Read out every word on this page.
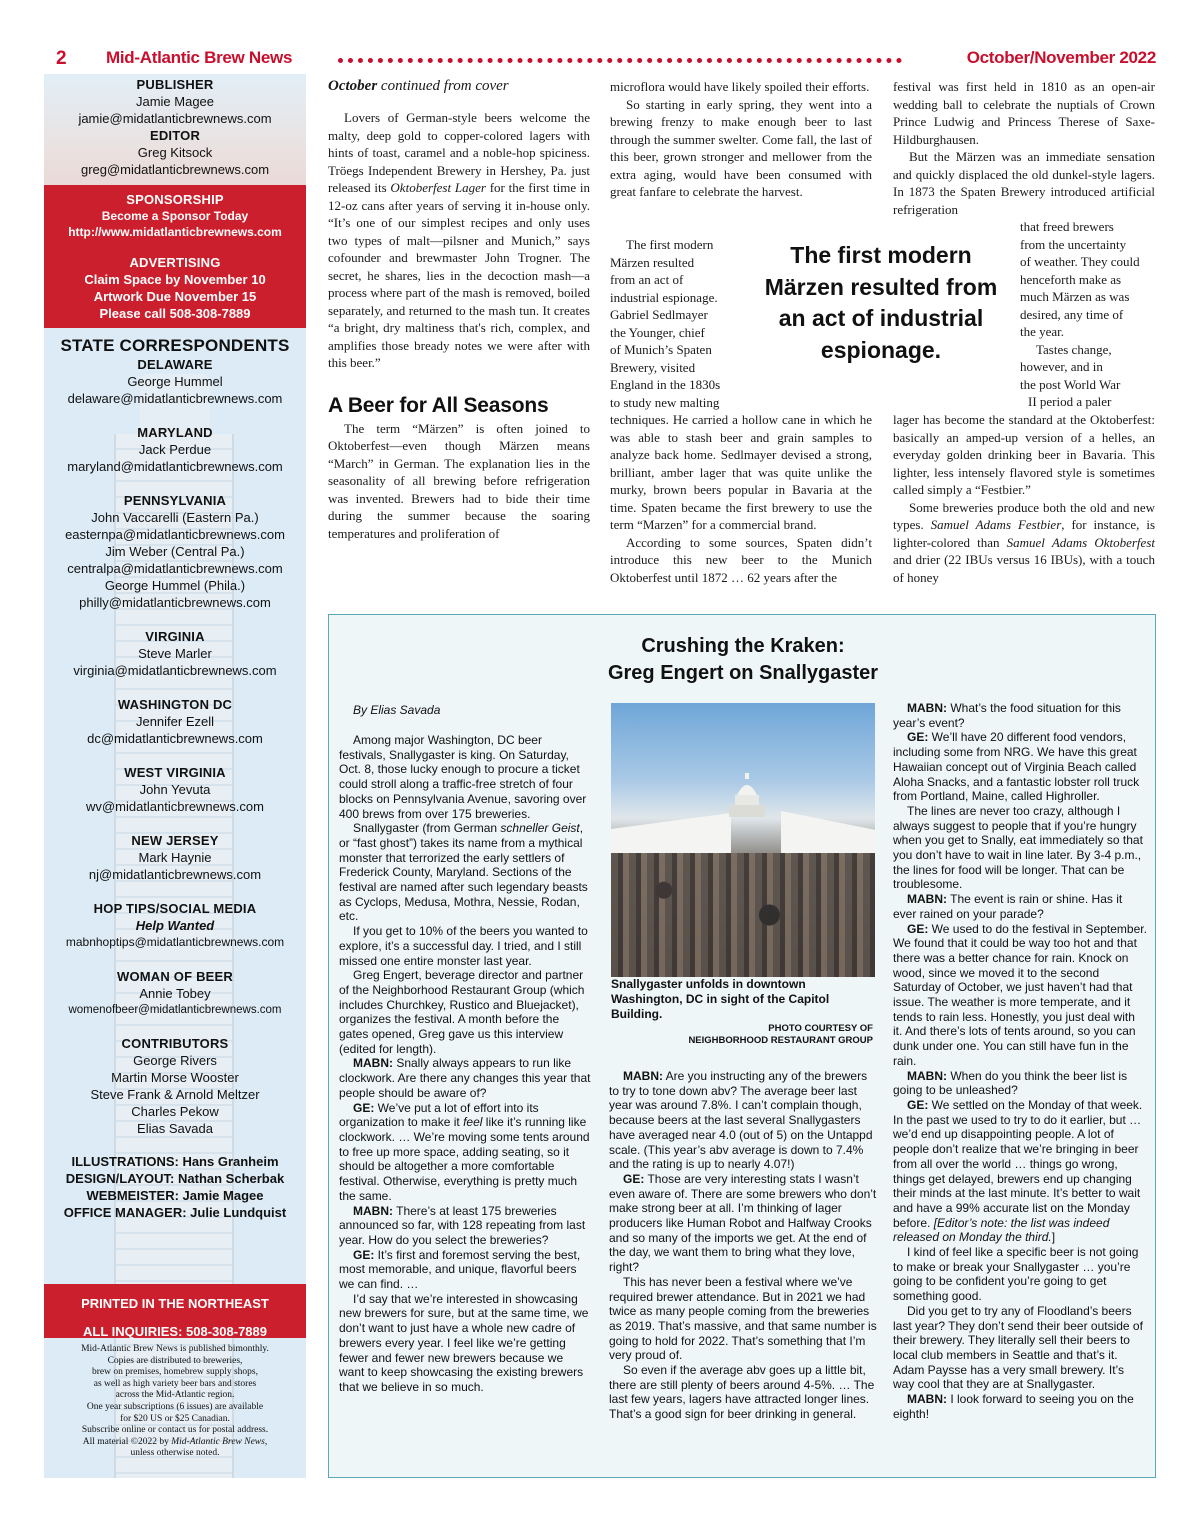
2 Mid-Atlantic Brew News	October/November 2022
PUBLISHER
Jamie Magee
jamie@midatlanticbrewnews.com
EDITOR
Greg Kitsock
greg@midatlanticbrewnews.com
SPONSORSHIP
Become a Sponsor Today
http://www.midatlanticbrewnews.com
ADVERTISING
Claim Space by November 10
Artwork Due November 15
Please call 508-308-7889
STATE CORRESPONDENTS
DELAWARE
George Hummel
delaware@midatlanticbrewnews.com
MARYLAND
Jack Perdue
maryland@midatlanticbrewnews.com
PENNSYLVANIA
John Vaccarelli (Eastern Pa.)
easternpa@midatlanticbrewnews.com
Jim Weber (Central Pa.)
centralpa@midatlanticbrewnews.com
George Hummel (Phila.)
philly@midatlanticbrewnews.com
VIRGINIA
Steve Marler
virginia@midatlanticbrewnews.com
WASHINGTON DC
Jennifer Ezell
dc@midatlanticbrewnews.com
WEST VIRGINIA
John Yevuta
wv@midatlanticbrewnews.com
NEW JERSEY
Mark Haynie
nj@midatlanticbrewnews.com
HOP TIPS/SOCIAL MEDIA
Help Wanted
mabnhoptips@midatlanticbrewnews.com
WOMAN OF BEER
Annie Tobey
womenofbeer@midatlanticbrewnews.com
CONTRIBUTORS
George Rivers
Martin Morse Wooster
Steve Frank & Arnold Meltzer
Charles Pekow
Elias Savada
ILLUSTRATIONS: Hans Granheim
DESIGN/LAYOUT: Nathan Scherbak
WEBMEISTER: Jamie Magee
OFFICE MANAGER: Julie Lundquist
PRINTED IN THE NORTHEAST
ALL INQUIRIES: 508-308-7889
Mid-Atlantic Brew News is published bimonthly.
Copies are distributed to breweries,
brew on premises, homebrew supply shops,
as well as high variety beer bars and stores
across the Mid-Atlantic region.
One year subscriptions (6 issues) are available
for $20 US or $25 Canadian.
Subscribe online or contact us for postal address.
All material ©2022 by Mid-Atlantic Brew News,
unless otherwise noted.
October continued from cover

Lovers of German-style beers welcome the malty, deep gold to copper-colored lagers with hints of toast, caramel and a noble-hop spiciness. Tröegs Independent Brewery in Hershey, Pa. just released its Oktoberfest Lager for the first time in 12-oz cans after years of serving it in-house only. “It’s one of our simplest recipes and only uses two types of malt—pilsner and Munich,” says cofounder and brewmaster John Trogner. The secret, he shares, lies in the decoction mash—a process where part of the mash is removed, boiled separately, and returned to the mash tun. It creates “a bright, dry maltiness that's rich, complex, and amplifies those bready notes we were after with this beer.”

A Beer for All Seasons

The term “Märzen” is often joined to Oktoberfest—even though Märzen means “March” in German. The explanation lies in the seasonality of all brewing before refrigeration was invented. Brewers had to bide their time during the summer because the soaring temperatures and proliferation of

microflora would have likely spoiled their efforts.

So starting in early spring, they went into a brewing frenzy to make enough beer to last through the summer swelter. Come fall, the last of this beer, grown stronger and mellower from the extra aging, would have been consumed with great fanfare to celebrate the harvest.

The first modern
Märzen resulted
from an act of
industrial espionage.
Gabriel Sedlmayer
the Younger, chief
of Munich’s Spaten
Brewery, visited
England in the 1830s
to study new malting

techniques. He carried a hollow cane in which he was able to stash beer and grain samples to analyze back home. Sedlmayer devised a strong, brilliant, amber lager that was quite unlike the murky, brown beers popular in Bavaria at the time. Spaten became the first brewery to use the term “Marzen” for a commercial brand.

According to some sources, Spaten didn’t introduce this new beer to the Munich Oktoberfest until 1872 … 62 years after the

The first modern Märzen resulted from an act of industrial espionage.

festival was first held in 1810 as an open-air wedding ball to celebrate the nuptials of Crown Prince Ludwig and Princess Therese of Saxe-Hildburghausen.

But the Märzen was an immediate sensation and quickly displaced the old dunkel-style lagers. In 1873 the Spaten Brewery introduced artificial refrigeration

that freed brewers
from the uncertainty
of weather. They could
henceforth make as
much Märzen as was
desired, any time of
the year.
Tastes change,
however, and in
the post World War
II period a paler

lager has become the standard at the Oktoberfest: basically an amped-up version of a helles, an everyday golden drinking beer in Bavaria. This lighter, less intensely flavored style is sometimes called simply a “Festbier.”

Some breweries produce both the old and new types. Samuel Adams Festbier, for instance, is lighter-colored than Samuel Adams Oktoberfest and drier (22 IBUs versus 16 IBUs), with a touch of honey

Crushing the Kraken:
Greg Engert on Snallygaster
By Elias Savada

Among major Washington, DC beer festivals, Snallygaster is king. On Saturday, Oct. 8, those lucky enough to procure a ticket could stroll along a traffic-free stretch of four blocks on Pennsylvania Avenue, savoring over 400 brews from over 175 breweries.

Snallygaster (from German schneller Geist, or “fast ghost”) takes its name from a mythical monster that terrorized the early settlers of Frederick County, Maryland. Sections of the festival are named after such legendary beasts as Cyclops, Medusa, Mothra, Nessie, Rodan, etc.

If you get to 10% of the beers you wanted to explore, it’s a successful day. I tried, and I still missed one entire monster last year.

Greg Engert, beverage director and partner of the Neighborhood Restaurant Group (which includes Churchkey, Rustico and Bluejacket), organizes the festival. A month before the gates opened, Greg gave us this interview (edited for length).

MABN: Snally always appears to run like clockwork. Are there any changes this year that people should be aware of?

GE: We’ve put a lot of effort into its organization to make it feel like it’s running like clockwork. … We’re moving some tents around to free up more space, adding seating, so it should be altogether a more comfortable festival. Otherwise, everything is pretty much the same.

MABN: There’s at least 175 breweries announced so far, with 128 repeating from last year. How do you select the breweries?

GE: It’s first and foremost serving the best, most memorable, and unique, flavorful beers we can find. …

I’d say that we’re interested in showcasing new brewers for sure, but at the same time, we don’t want to just have a whole new cadre of brewers every year. I feel like we’re getting fewer and fewer new brewers because we want to keep showcasing the existing brewers that we believe in so much.

Snallygaster unfolds in downtown Washington, DC in sight of the Capitol Building.
PHOTO COURTESY OF
NEIGHBORHOOD RESTAURANT GROUP

MABN: Are you instructing any of the brewers to try to tone down abv? The average beer last year was around 7.8%. I can’t complain though, because beers at the last several Snallygasters have averaged near 4.0 (out of 5) on the Untappd scale. (This year’s abv average is down to 7.4% and the rating is up to nearly 4.07!)

GE: Those are very interesting stats I wasn’t even aware of. There are some brewers who don’t make strong beer at all. I’m thinking of lager producers like Human Robot and Halfway Crooks and so many of the imports we get. At the end of the day, we want them to bring what they love, right?

This has never been a festival where we’ve required brewer attendance. But in 2021 we had twice as many people coming from the breweries as 2019. That’s massive, and that same number is going to hold for 2022. That’s something that I’m very proud of.

So even if the average abv goes up a little bit, there are still plenty of beers around 4-5%. … The last few years, lagers have attracted longer lines. That’s a good sign for beer drinking in general.

MABN: What’s the food situation for this year’s event?

GE: We’ll have 20 different food vendors, including some from NRG. We have this great Hawaiian concept out of Virginia Beach called Aloha Snacks, and a fantastic lobster roll truck from Portland, Maine, called Highroller.

The lines are never too crazy, although I always suggest to people that if you’re hungry when you get to Snally, eat immediately so that you don’t have to wait in line later. By 3-4 p.m., the lines for food will be longer. That can be troublesome.

MABN: The event is rain or shine. Has it ever rained on your parade?

GE: We used to do the festival in September. We found that it could be way too hot and that there was a better chance for rain. Knock on wood, since we moved it to the second Saturday of October, we just haven’t had that issue. The weather is more temperate, and it tends to rain less. Honestly, you just deal with it. And there’s lots of tents around, so you can dunk under one. You can still have fun in the rain.

MABN: When do you think the beer list is going to be unleashed?

GE: We settled on the Monday of that week. In the past we used to try to do it earlier, but … we’d end up disappointing people. A lot of people don’t realize that we’re bringing in beer from all over the world … things go wrong, things get delayed, brewers end up changing their minds at the last minute. It’s better to wait and have a 99% accurate list on the Monday before. [Editor’s note: the list was indeed released on Monday the third.]

I kind of feel like a specific beer is not going to make or break your Snallygaster … you’re going to be confident you’re going to get something good.

Did you get to try any of Floodland’s beers last year? They don’t send their beer outside of their brewery. They literally sell their beers to local club members in Seattle and that’s it. Adam Paysse has a very small brewery. It’s way cool that they are at Snallygaster.

MABN: I look forward to seeing you on the eighth!
